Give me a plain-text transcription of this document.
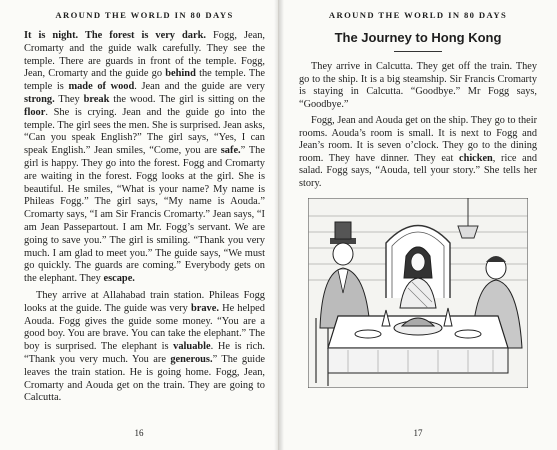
AROUND THE WORLD IN 80 DAYS

It is night. The forest is very dark. Fogg, Jean, Cromarty and the guide walk carefully. They see the temple. There are guards in front of the temple. Fogg, Jean, Cromarty and the guide go behind the temple. The temple is made of wood. Jean and the guide are very strong. They break the wood. The girl is sitting on the floor. She is crying. Jean and the guide go into the temple. The girl sees the men. She is surprised. Jean asks, “Can you speak English?” The girl says, “Yes, I can speak English.” Jean smiles, “Come, you are safe.” The girl is happy. They go into the forest. Fogg and Cromarty are waiting in the forest. Fogg looks at the girl. She is beautiful. He smiles, “What is your name? My name is Phileas Fogg.” The girl says, “My name is Aouda.” Cromarty says, “I am Sir Francis Cromarty.” Jean says, “I am Jean Passepartout. I am Mr. Fogg’s servant. We are going to save you.” The girl is smiling. “Thank you very much. I am glad to meet you.” The guide says, “We must go quickly. The guards are coming.” Everybody gets on the elephant. They escape.

They arrive at Allahabad train station. Phileas Fogg looks at the guide. The guide was very brave. He helped Aouda. Fogg gives the guide some money. “You are a good boy. You are brave. You can take the elephant.” The boy is surprised. The elephant is valuable. He is rich. “Thank you very much. You are generous.” The guide leaves the train station. He is going home. Fogg, Jean, Cromarty and Aouda get on the train. They are going to Calcutta.

16
AROUND THE WORLD IN 80 DAYS
The Journey to Hong Kong

They arrive in Calcutta. They get off the train. They go to the ship. It is a big steamship. Sir Francis Cromarty is staying in Calcutta. “Goodbye.” Mr Fogg says, “Goodbye.”

Fogg, Jean and Aouda get on the ship. They go to their rooms. Aouda’s room is small. It is next to Fogg and Jean’s room. It is seven o’clock. They go to the dining room. They have dinner. They eat chicken, rice and salad. Fogg says, “Aouda, tell your story.” She tells her story.

17
